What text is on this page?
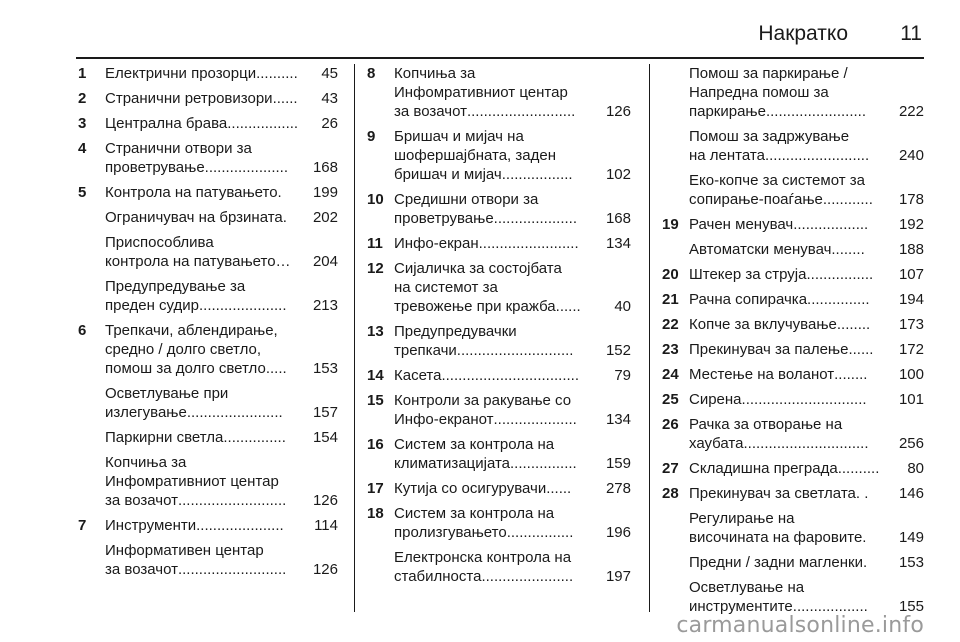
Накратко 11
1 Електрични прозорци ..........	45
2 Странични ретровизори ......	43
3 Централна брава .................	26
4 Странични отвори за
проветрување ....................	168
5 Контрола на патувањето .	199
Ограничувач на брзината .	202
Приспособлива
контрола на патувањето …	204
Предупредување за
преден судир .....................	213
6 Трепкачи, аблендирање,
средно / долго светло,
помош за долго светло .....	153
Осветлување при
излегување .......................	157
Паркирни светла ...............	154
Копчиња за
Инфомративниот центар
за возачот ..........................	126
7 Инструменти .....................	114
Информативен центар
за возачот ..........................	126
8 Копчиња за
Инфомративниот центар
за возачот ..........................	126
9 Бришач и мијач на
шофершајбната, заден
бришач и мијач .................	102
10 Средишни отвори за
проветрување ....................	168
11 Инфо-екран ........................	134
12 Сијаличка за состојбата
на системот за
тревожење при кражба ......	40
13 Предупредувачки
трепкачи ............................	152
14 Касета .................................	79
15 Контроли за ракување со
Инфо-екранот ....................	134
16 Систем за контрола на
климатизацијата ................	159
17 Кутија со осигурувачи ......	278
18 Систем за контрола на
пролизгувањето ................	196
Електронска контрола на
стабилноста ......................	197
Помош за паркирање /
Напредна помош за
паркирање ........................	222
Помош за задржување
на лентата .........................	240
Еко-копче за системот за
сопирање-поаѓање ............	178
19 Рачен менувач ..................	192
Автоматски менувач ........	188
20 Штекер за струја ................	107
21 Рачна сопирачка ...............	194
22 Копче за вклучување ........	173
23 Прекинувач за палење ......	172
24 Местење на воланот ........	100
25 Сирена ..............................	101
26 Рачка за отворање на
хаубата ..............................	256
27 Складишна преграда ..........	80
28 Прекинувач за светлата . .	146
Регулирање на
височината на фаровите .	149
Предни / задни магленки .	153
Осветлување на
инструментите ..................	155
carmanualsonline.info
